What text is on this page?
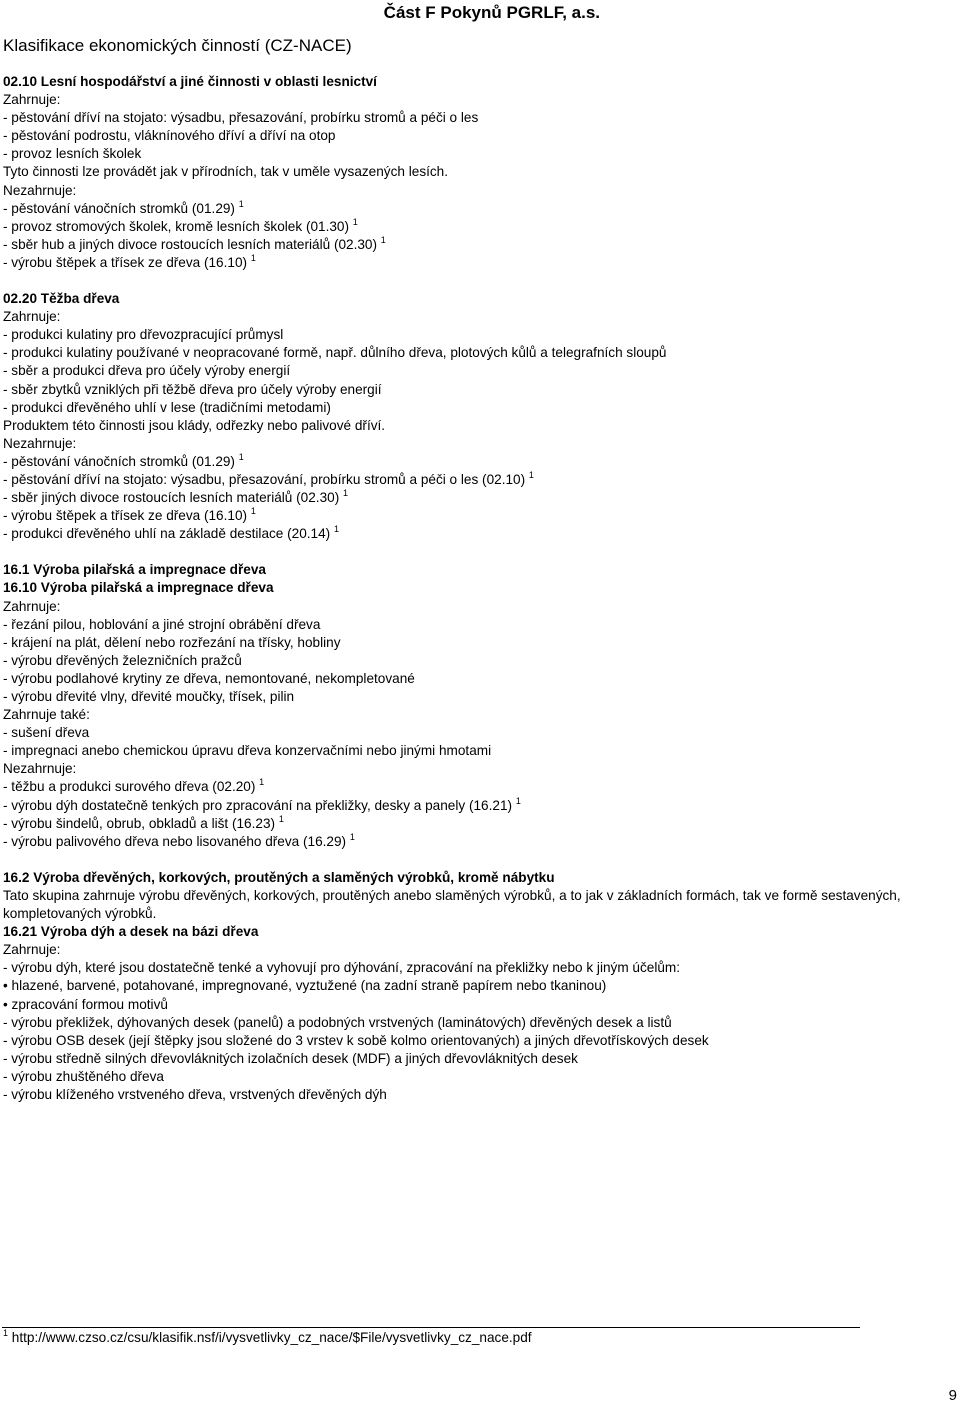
Část F Pokynů PGRLF, a.s.
Klasifikace ekonomických činností (CZ-NACE)
02.10 Lesní hospodářství a jiné činnosti v oblasti lesnictví
Zahrnuje:
- pěstování dříví na stojato: výsadbu, přesazování, probírku stromů a péči o les
- pěstování podrostu, vláknínového dříví a dříví na otop
- provoz lesních školek
Tyto činnosti lze provádět jak v přírodních, tak v uměle vysazených lesích.
Nezahrnuje:
- pěstování vánočních stromků (01.29) $^1$
- provoz stromových školek, kromě lesních školek (01.30) $^1$
- sběr hub a jiných divoce rostoucích lesních materiálů (02.30) $^1$
- výrobu štěpek a třísek ze dřeva (16.10) $^1$
02.20 Těžba dřeva
Zahrnuje:
- produkci kulatiny pro dřevozpracující průmysl
- produkci kulatiny používané v neopracované formě, např. důlního dřeva, plotových kůlů a telegrafních sloupů
- sběr a produkci dřeva pro účely výroby energií
- sběr zbytků vzniklých při těžbě dřeva pro účely výroby energií
- produkci dřevěného uhlí v lese (tradičními metodami)
Produktem této činnosti jsou klády, odřezky nebo palivové dříví.
Nezahrnuje:
- pěstování vánočních stromků (01.29) $^1$
- pěstování dříví na stojato: výsadbu, přesazování, probírku stromů a péči o les (02.10) $^1$
- sběr jiných divoce rostoucích lesních materiálů (02.30) $^1$
- výrobu štěpek a třísek ze dřeva (16.10) $^1$
- produkci dřevěného uhlí na základě destilace (20.14) $^1$
16.1 Výroba pilařská a impregnace dřeva
16.10 Výroba pilařská a impregnace dřeva
Zahrnuje:
- řezání pilou, hoblování a jiné strojní obrábění dřeva
- krájení na plát, dělení nebo rozřezání na třísky, hobliny
- výrobu dřevěných železničních pražců
- výrobu podlahové krytiny ze dřeva, nemontované, nekompletované
- výrobu dřevité vlny, dřevité moučky, třísek, pilin
Zahrnuje také:
- sušení dřeva
- impregnaci anebo chemickou úpravu dřeva konzervačními nebo jinými hmotami
Nezahrnuje:
- těžbu a produkci surového dřeva (02.20) $^1$
- výrobu dýh dostatečně tenkých pro zpracování na překližky, desky a panely (16.21) $^1$
- výrobu šindelů, obrub, obkladů a lišt (16.23) $^1$
- výrobu palivového dřeva nebo lisovaného dřeva (16.29) $^1$
16.2 Výroba dřevěných, korkových, proutěných a slaměných výrobků, kromě nábytku
Tato skupina zahrnuje výrobu dřevěných, korkových, proutěných anebo slaměných výrobků, a to jak v základních formách, tak ve formě sestavených, kompletovaných výrobků.
16.21 Výroba dýh a desek na bázi dřeva
Zahrnuje:
- výrobu dýh, které jsou dostatečně tenké a vyhovují pro dýhování, zpracování na překližky nebo k jiným účelům:
• hlazené, barvené, potahované, impregnované, vyztužené (na zadní straně papírem nebo tkaninou)
• zpracování formou motivů
- výrobu překližek, dýhovaných desek (panelů) a podobných vrstvených (laminátových) dřevěných desek a listů
- výrobu OSB desek (její štěpky jsou složené do 3 vrstev k sobě kolmo orientovaných) a jiných dřevotřískových desek
- výrobu středně silných dřevovláknitých izolačních desek (MDF) a jiných dřevovláknitých desek
- výrobu zhuštěného dřeva
- výrobu klíženého vrstveného dřeva, vrstvených dřevěných dýh
$^1$ http://www.czso.cz/csu/klasifik.nsf/i/vysvetlivky_cz_nace/$File/vysvetlivky_cz_nace.pdf
9
